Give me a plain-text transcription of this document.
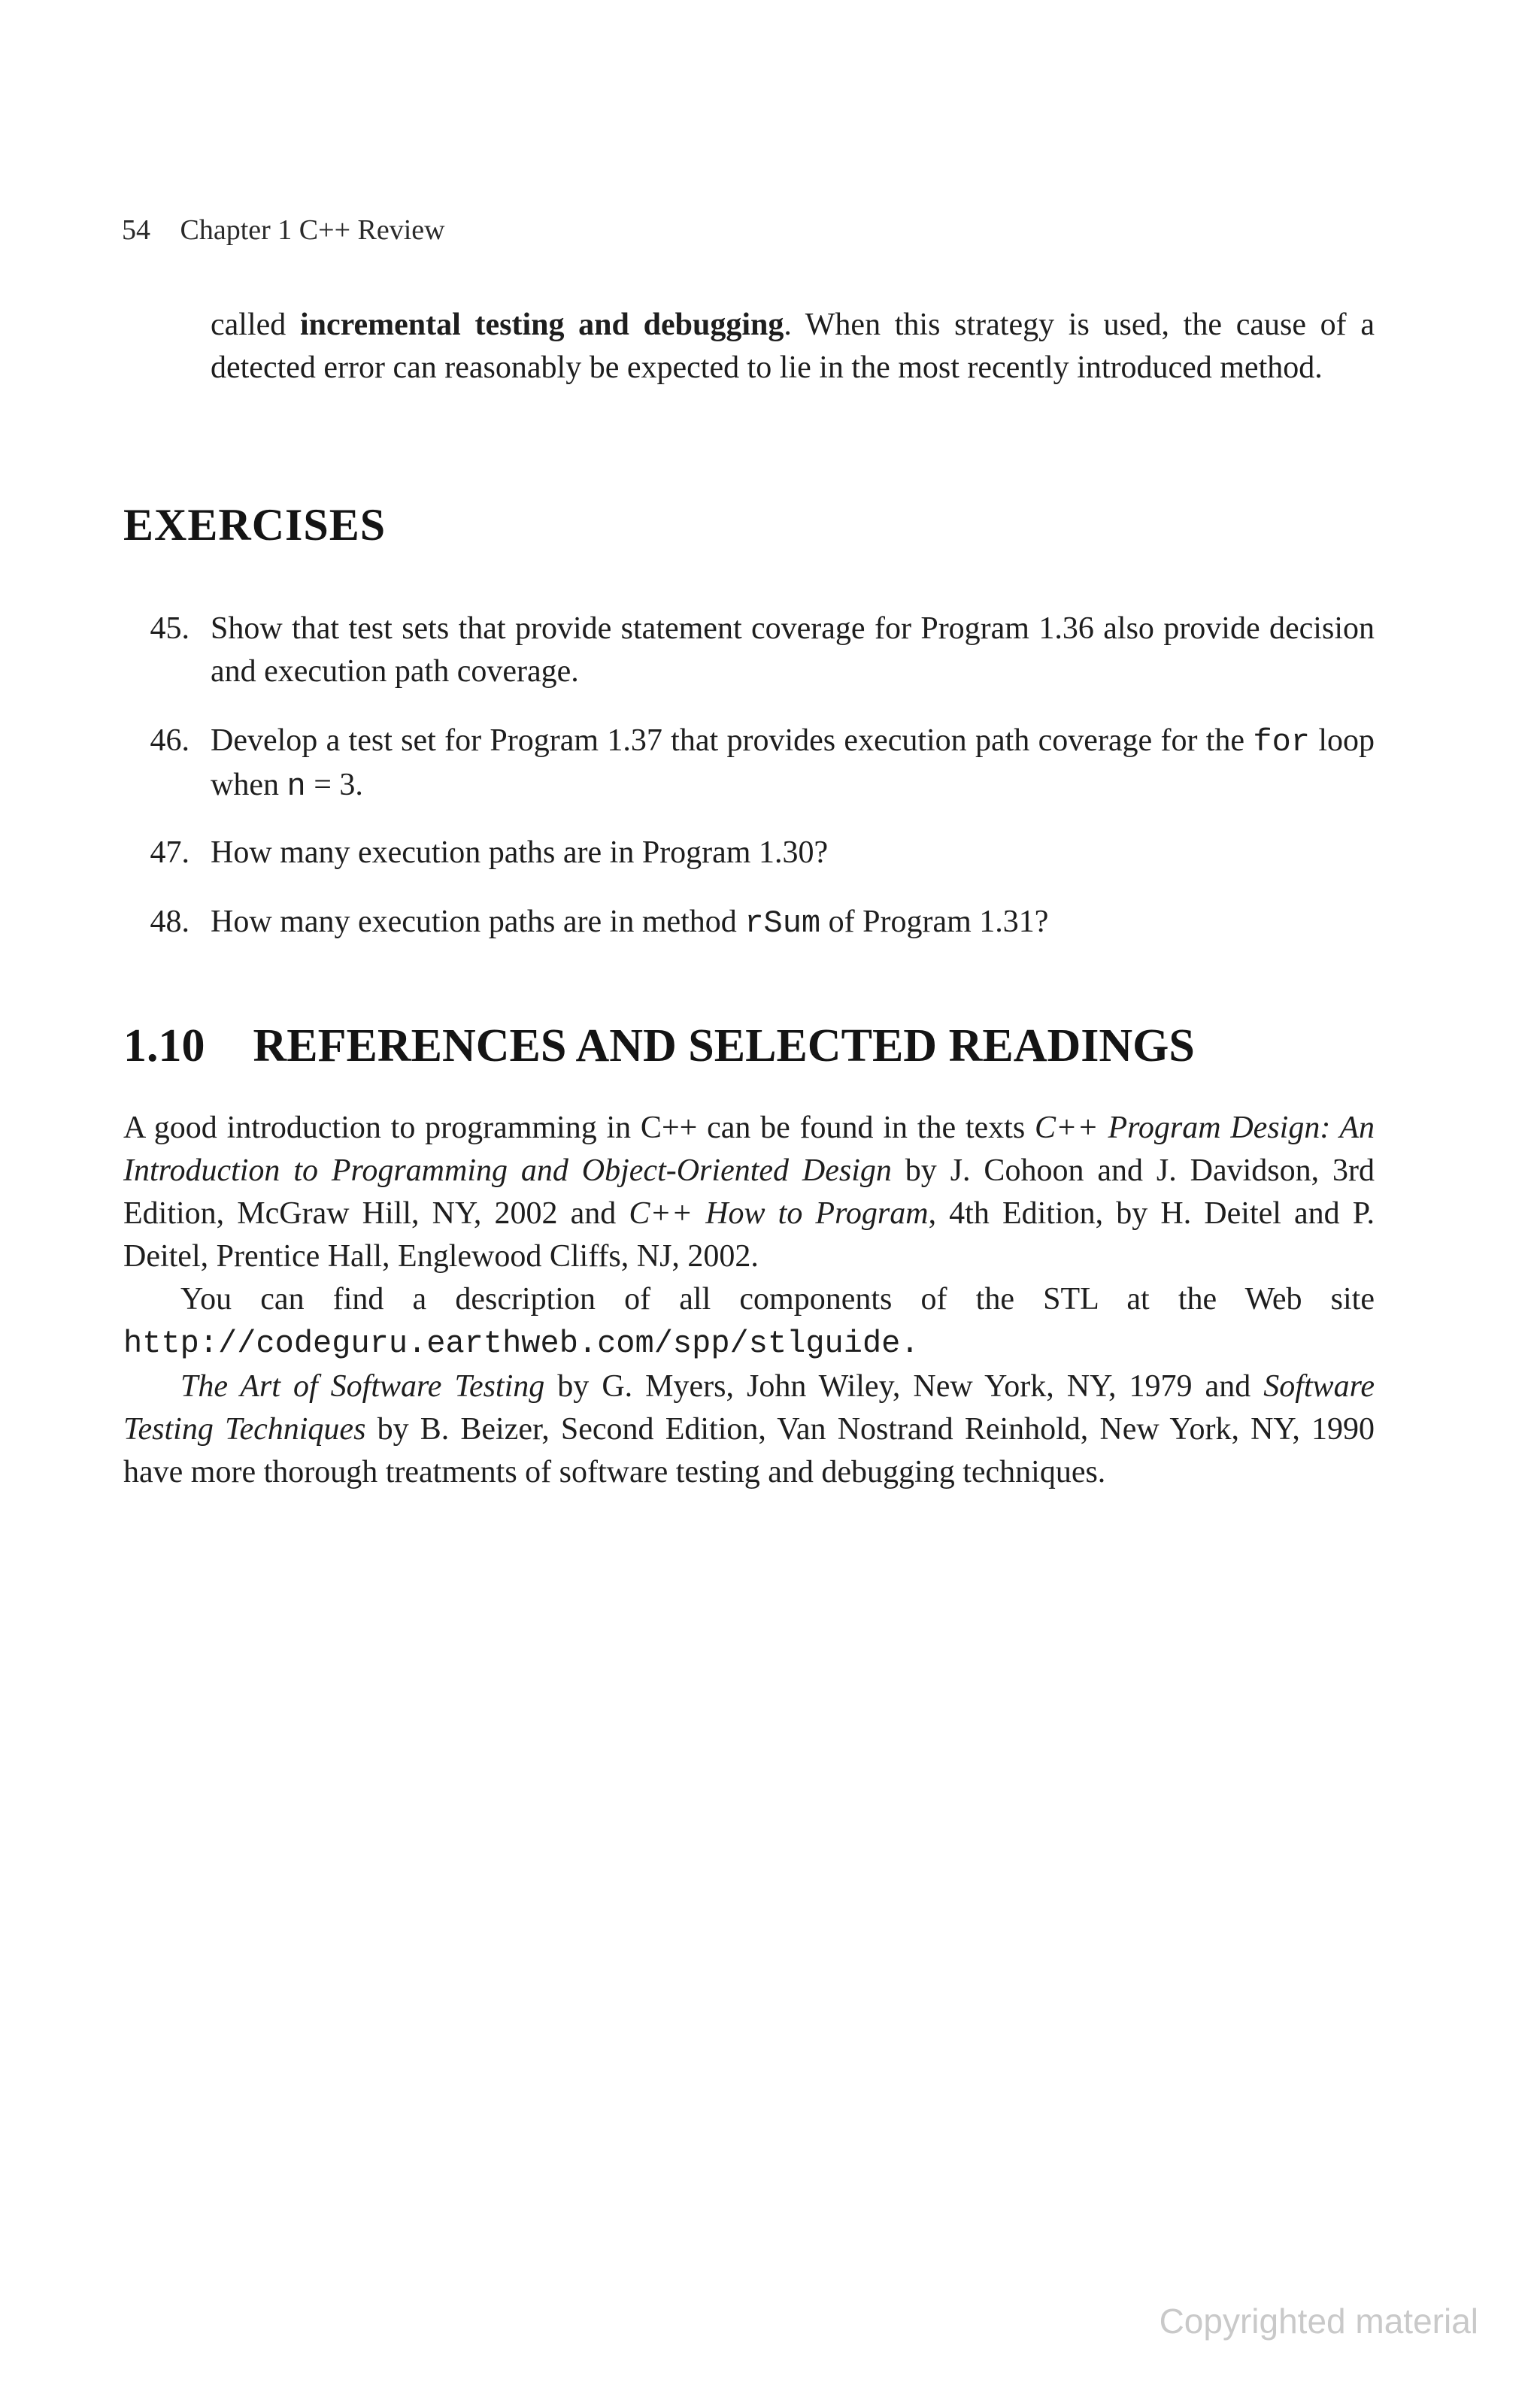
54 Chapter 1 C++ Review
called incremental testing and debugging. When this strategy is used, the cause of a detected error can reasonably be expected to lie in the most recently introduced method.
EXERCISES
45. Show that test sets that provide statement coverage for Program 1.36 also provide decision and execution path coverage.
46. Develop a test set for Program 1.37 that provides execution path coverage for the for loop when n = 3.
47. How many execution paths are in Program 1.30?
48. How many execution paths are in method rSum of Program 1.31?
1.10 REFERENCES AND SELECTED READINGS

A good introduction to programming in C++ can be found in the texts C++ Program Design: An Introduction to Programming and Object-Oriented Design by J. Cohoon and J. Davidson, 3rd Edition, McGraw Hill, NY, 2002 and C++ How to Program, 4th Edition, by H. Deitel and P. Deitel, Prentice Hall, Englewood Cliffs, NJ, 2002.

You can find a description of all components of the STL at the Web site http://codeguru.earthweb.com/spp/stlguide.

The Art of Software Testing by G. Myers, John Wiley, New York, NY, 1979 and Software Testing Techniques by B. Beizer, Second Edition, Van Nostrand Reinhold, New York, NY, 1990 have more thorough treatments of software testing and debugging techniques.

Copyrighted material
